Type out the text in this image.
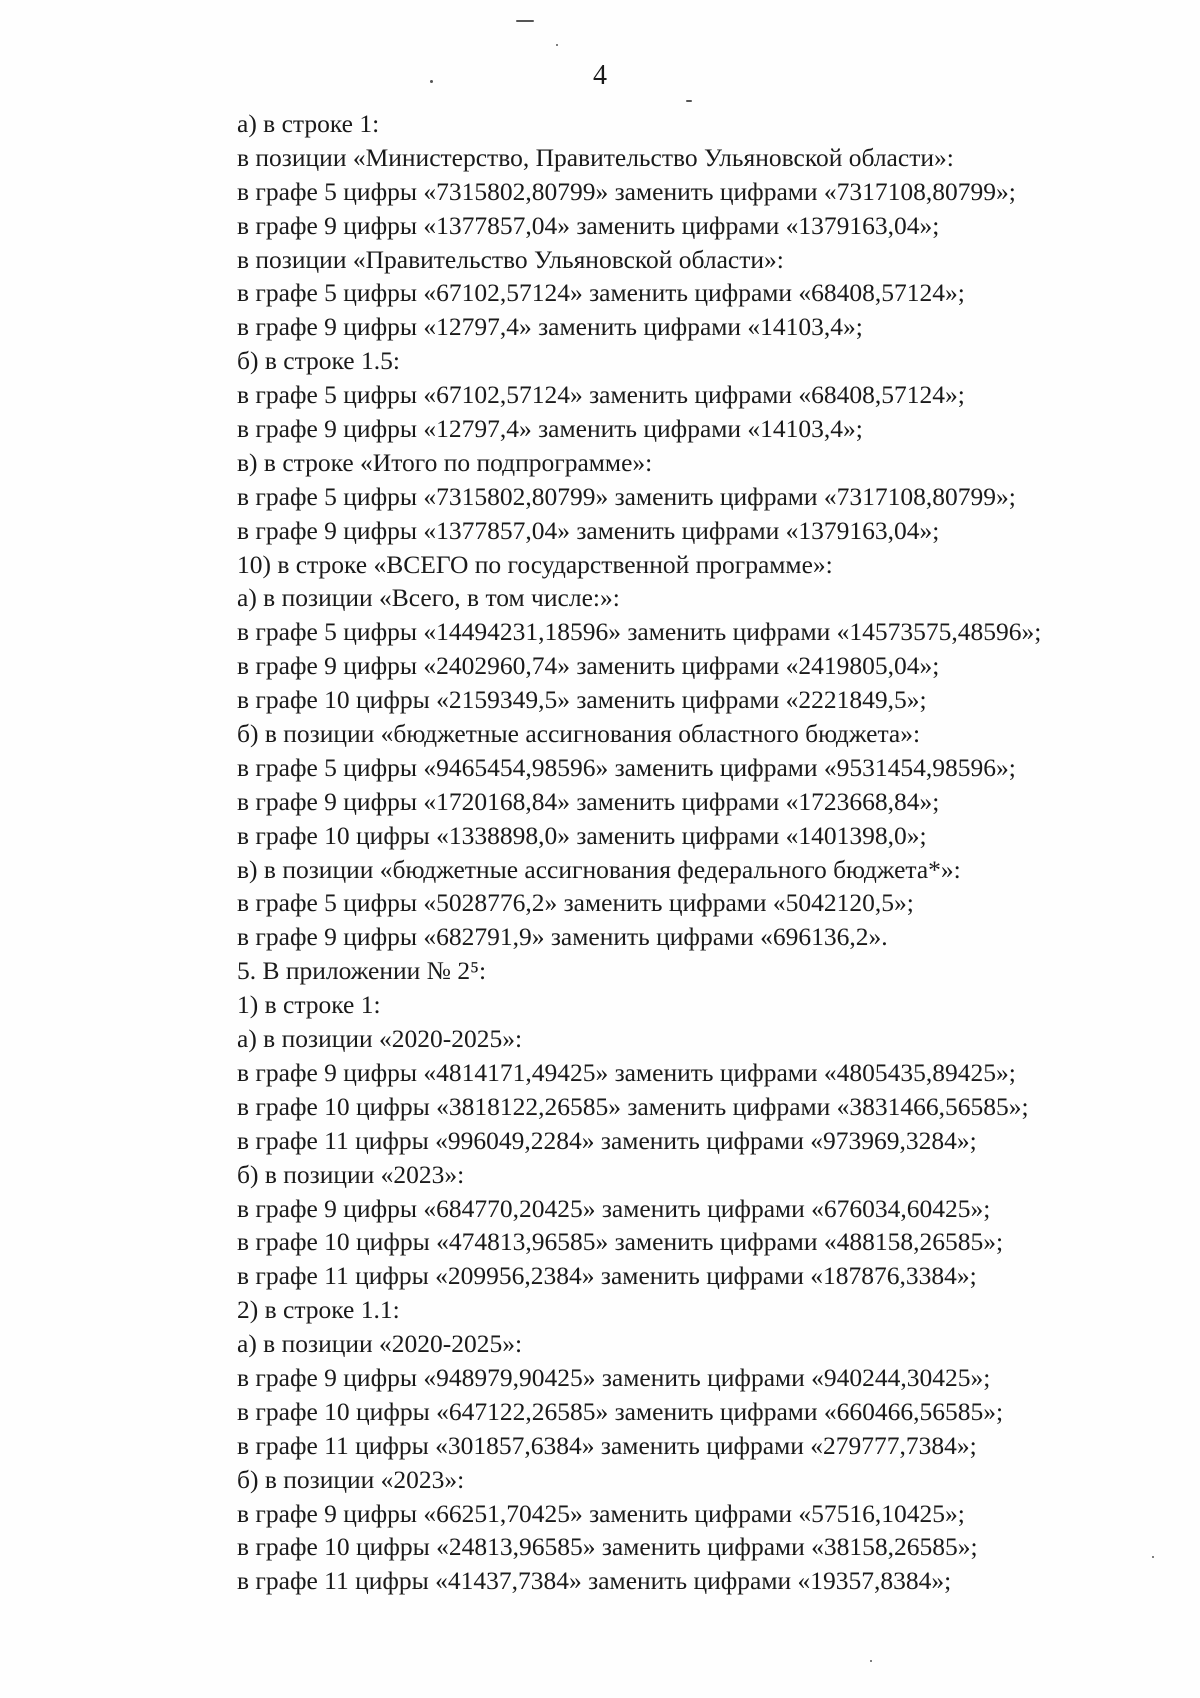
4
а) в строке 1:
в позиции «Министерство, Правительство Ульяновской области»:
в графе 5 цифры «7315802,80799» заменить цифрами «7317108,80799»;
в графе 9 цифры «1377857,04» заменить цифрами «1379163,04»;
в позиции «Правительство Ульяновской области»:
в графе 5 цифры «67102,57124» заменить цифрами «68408,57124»;
в графе 9 цифры «12797,4» заменить цифрами «14103,4»;
б) в строке 1.5:
в графе 5 цифры «67102,57124» заменить цифрами «68408,57124»;
в графе 9 цифры «12797,4» заменить цифрами «14103,4»;
в) в строке «Итого по подпрограмме»:
в графе 5 цифры «7315802,80799» заменить цифрами «7317108,80799»;
в графе 9 цифры «1377857,04» заменить цифрами «1379163,04»;
10) в строке «ВСЕГО по государственной программе»:
а) в позиции «Всего, в том числе:»:
в графе 5 цифры «14494231,18596» заменить цифрами «14573575,48596»;
в графе 9 цифры «2402960,74» заменить цифрами «2419805,04»;
в графе 10 цифры «2159349,5» заменить цифрами «2221849,5»;
б) в позиции «бюджетные ассигнования областного бюджета»:
в графе 5 цифры «9465454,98596» заменить цифрами «9531454,98596»;
в графе 9 цифры «1720168,84» заменить цифрами «1723668,84»;
в графе 10 цифры «1338898,0» заменить цифрами «1401398,0»;
в) в позиции «бюджетные ассигнования федерального бюджета*»:
в графе 5 цифры «5028776,2» заменить цифрами «5042120,5»;
в графе 9 цифры «682791,9» заменить цифрами «696136,2».
5. В приложении № 2⁵:
1) в строке 1:
а) в позиции «2020-2025»:
в графе 9 цифры «4814171,49425» заменить цифрами «4805435,89425»;
в графе 10 цифры «3818122,26585» заменить цифрами «3831466,56585»;
в графе 11 цифры «996049,2284» заменить цифрами «973969,3284»;
б) в позиции «2023»:
в графе 9 цифры «684770,20425» заменить цифрами «676034,60425»;
в графе 10 цифры «474813,96585» заменить цифрами «488158,26585»;
в графе 11 цифры «209956,2384» заменить цифрами «187876,3384»;
2) в строке 1.1:
а) в позиции «2020-2025»:
в графе 9 цифры «948979,90425» заменить цифрами «940244,30425»;
в графе 10 цифры «647122,26585» заменить цифрами «660466,56585»;
в графе 11 цифры «301857,6384» заменить цифрами «279777,7384»;
б) в позиции «2023»:
в графе 9 цифры «66251,70425» заменить цифрами «57516,10425»;
в графе 10 цифры «24813,96585» заменить цифрами «38158,26585»;
в графе 11 цифры «41437,7384» заменить цифрами «19357,8384»;
